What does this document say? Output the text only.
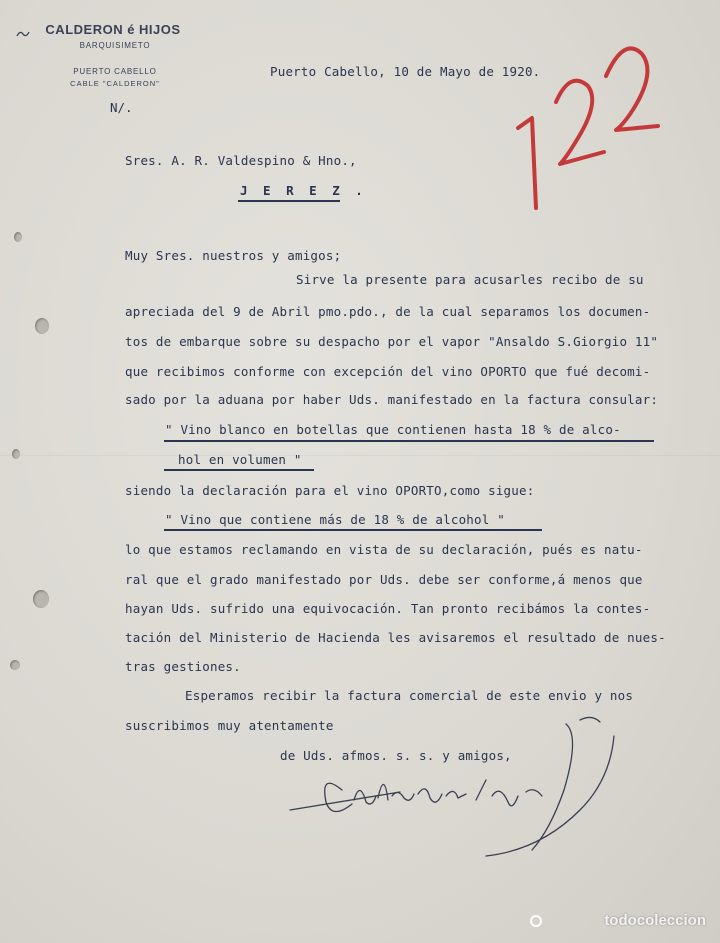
CALDERON é HIJOS
BARQUISIMETO
PUERTO CABELLO
CABLE "CALDERON"
N/.
Puerto Cabello, 10 de Mayo de 1920.
Sres. A. R. Valdespino & Hno.,
J E R E Z .
Muy Sres. nuestros y amigos;
Sirve la presente para acusarles recibo de su
apreciada del 9 de Abril pmo.pdo., de la cual separamos los documen-
tos de embarque sobre su despacho por el vapor "Ansaldo S.Giorgio 11"
que recibimos conforme con excepción del vino OPORTO que fué decomi-
sado por la aduana por haber Uds. manifestado en la factura consular:
" Vino blanco en botellas que contienen hasta 18 % de alco-
hol en volumen "
siendo la declaración para el vino OPORTO,como sigue:
" Vino que contiene más de 18 % de alcohol "
lo que estamos reclamando en vista de su declaración, pués es natu-
ral que el grado manifestado por Uds. debe ser conforme,á menos que
hayan Uds. sufrido una equivocación. Tan pronto recibámos la contes-
tación del Ministerio de Hacienda les avisaremos el resultado de nues-
tras gestiones.
Esperamos recibir la factura comercial de este envio y nos
suscribimos muy atentamente
de Uds. afmos. s. s. y amigos,
todocoleccion
